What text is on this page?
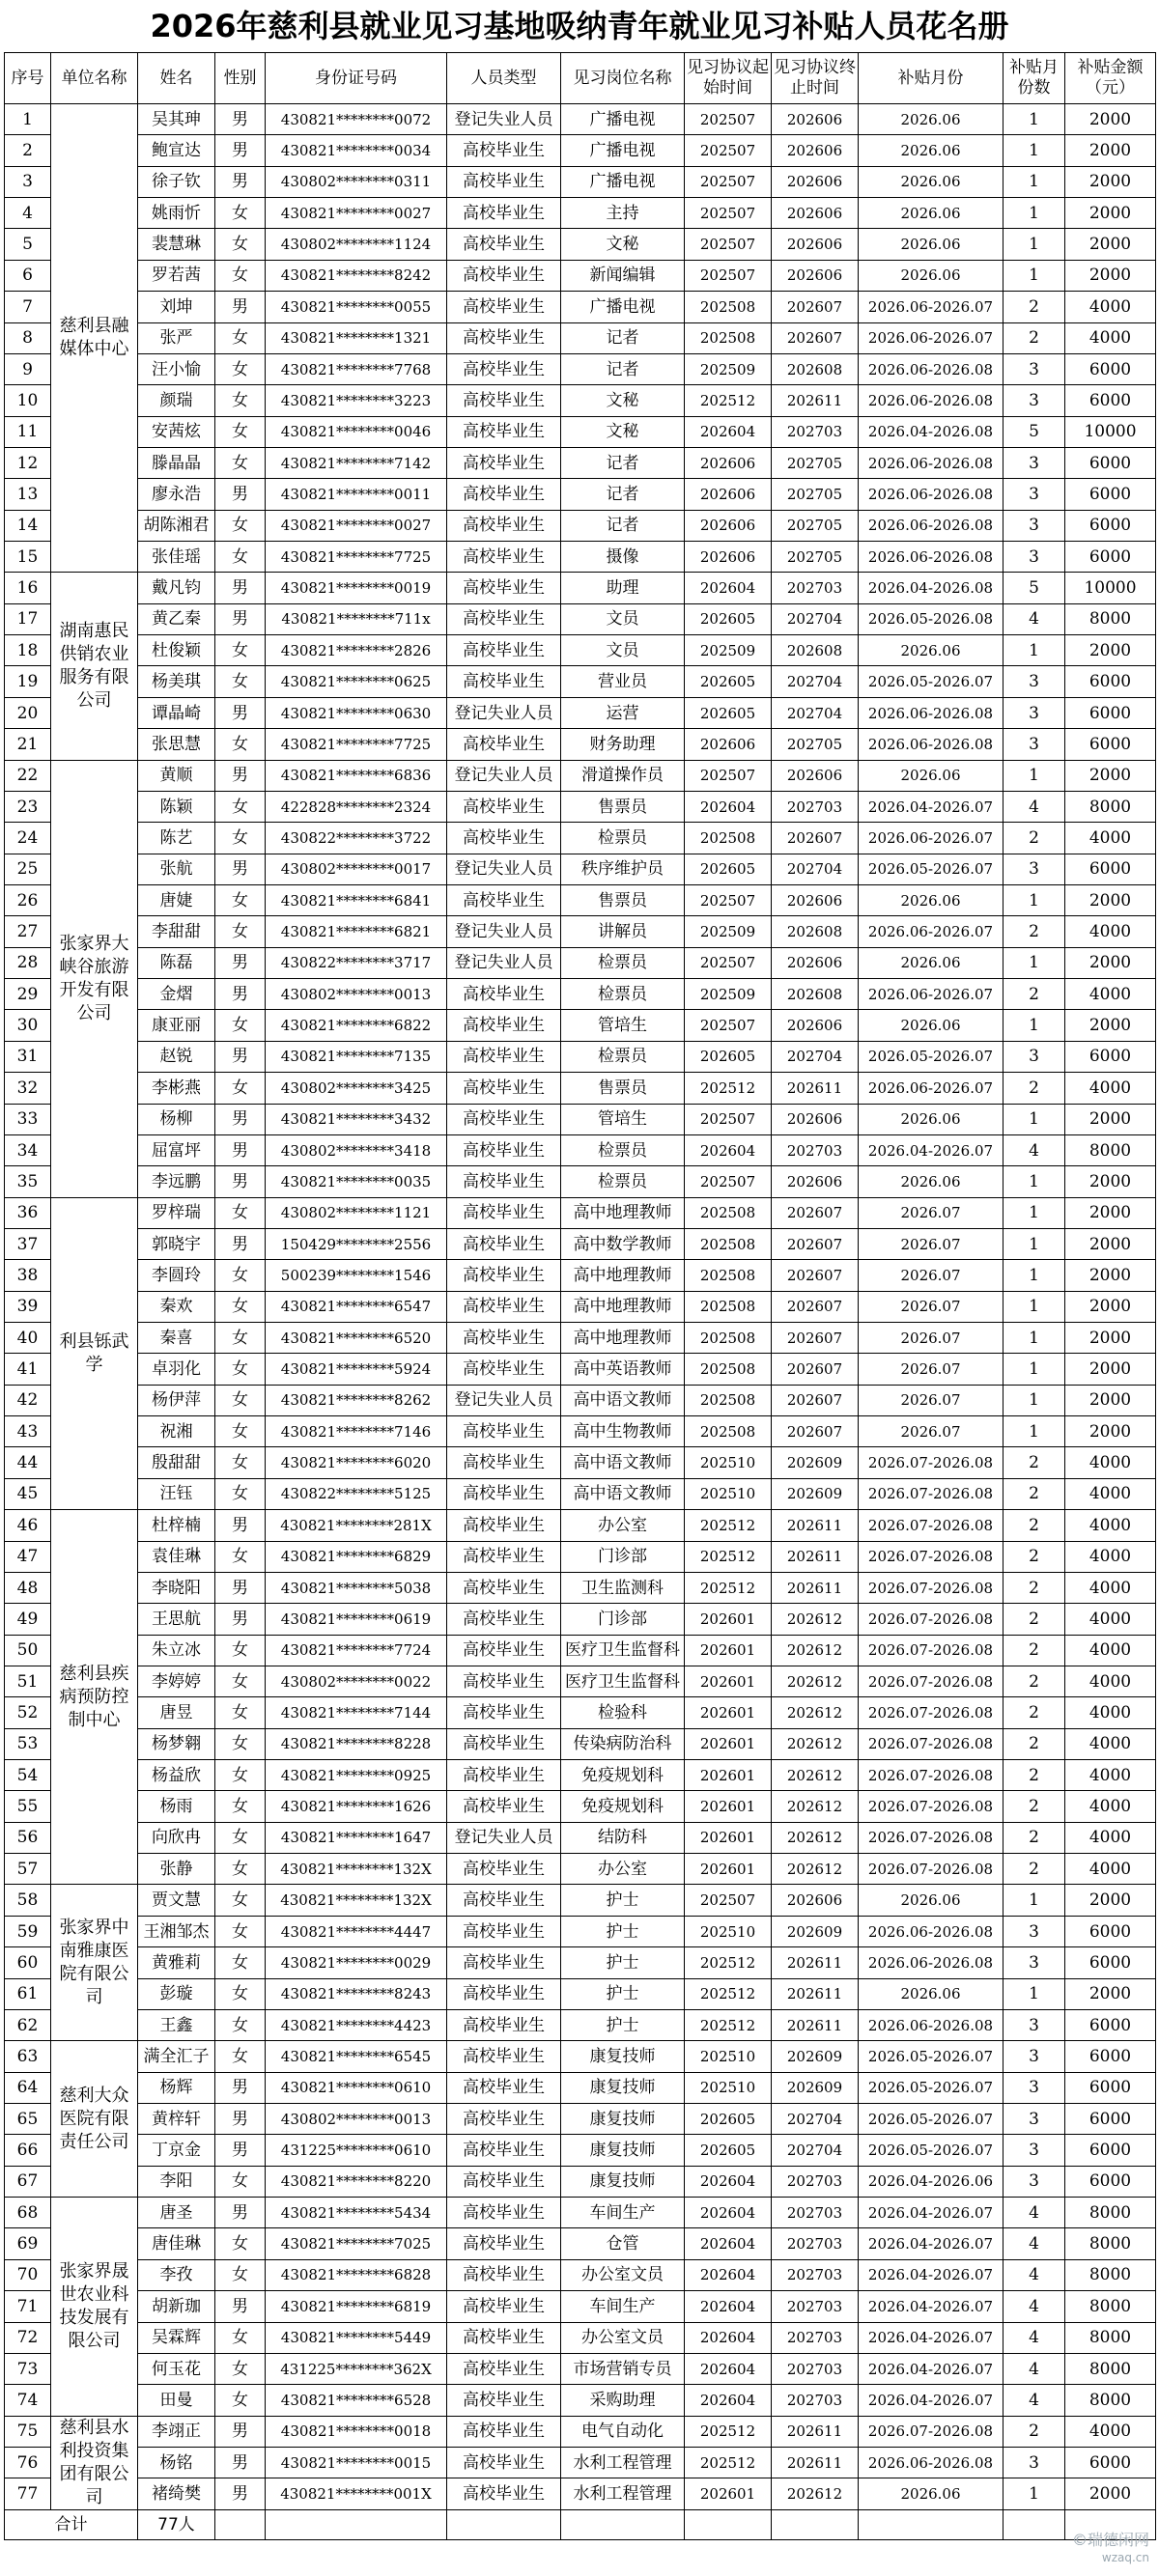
2026年慈利县就业见习基地吸纳青年就业见习补贴人员花名册
序号	单位名称	姓名	性别	身份证号码	人员类型	见习岗位名称	见习协议起始时间	见习协议终止时间	补贴月份	补贴月份数	补贴金额（元）
1	慈利县融媒体中心	吴其珅	男	430821********0072	登记失业人员	广播电视	202507	202606	2026.06	1	2000
2		鲍宣达	男	430821********0034	高校毕业生	广播电视	202507	202606	2026.06	1	2000
3		徐子钦	男	430802********0311	高校毕业生	广播电视	202507	202606	2026.06	1	2000
4		姚雨忻	女	430821********0027	高校毕业生	主持	202507	202606	2026.06	1	2000
5		裴慧琳	女	430802********1124	高校毕业生	文秘	202507	202606	2026.06	1	2000
6		罗若茜	女	430821********8242	高校毕业生	新闻编辑	202507	202606	2026.06	1	2000
7		刘坤	男	430821********0055	高校毕业生	广播电视	202508	202607	2026.06-2026.07	2	4000
8		张严	女	430821********1321	高校毕业生	记者	202508	202607	2026.06-2026.07	2	4000
9		汪小愉	女	430821********7768	高校毕业生	记者	202509	202608	2026.06-2026.08	3	6000
10		颜瑞	女	430821********3223	高校毕业生	文秘	202512	202611	2026.06-2026.08	3	6000
11		安茜炫	女	430821********0046	高校毕业生	文秘	202604	202703	2026.04-2026.08	5	10000
12		滕晶晶	女	430821********7142	高校毕业生	记者	202606	202705	2026.06-2026.08	3	6000
13		廖永浩	男	430821********0011	高校毕业生	记者	202606	202705	2026.06-2026.08	3	6000
14		胡陈湘君	女	430821********0027	高校毕业生	记者	202606	202705	2026.06-2026.08	3	6000
15		张佳瑶	女	430821********7725	高校毕业生	摄像	202606	202705	2026.06-2026.08	3	6000
16	湖南惠民供销农业服务有限公司	戴凡钧	男	430821********0019	高校毕业生	助理	202604	202703	2026.04-2026.08	5	10000
17		黄乙秦	男	430821********711x	高校毕业生	文员	202605	202704	2026.05-2026.08	4	8000
18		杜俊颖	女	430821********2826	高校毕业生	文员	202509	202608	2026.06	1	2000
19		杨美琪	女	430821********0625	高校毕业生	营业员	202605	202704	2026.05-2026.07	3	6000
20		谭晶崎	男	430821********0630	登记失业人员	运营	202605	202704	2026.06-2026.08	3	6000
21		张思慧	女	430821********7725	高校毕业生	财务助理	202606	202705	2026.06-2026.08	3	6000
22	张家界大峡谷旅游开发有限公司	黄顺	男	430821********6836	登记失业人员	滑道操作员	202507	202606	2026.06	1	2000
23		陈颖	女	422828********2324	高校毕业生	售票员	202604	202703	2026.04-2026.07	4	8000
24		陈艺	女	430822********3722	高校毕业生	检票员	202508	202607	2026.06-2026.07	2	4000
25		张航	男	430802********0017	登记失业人员	秩序维护员	202605	202704	2026.05-2026.07	3	6000
26		唐婕	女	430821********6841	高校毕业生	售票员	202507	202606	2026.06	1	2000
27		李甜甜	女	430821********6821	登记失业人员	讲解员	202509	202608	2026.06-2026.07	2	4000
28		陈磊	男	430822********3717	登记失业人员	检票员	202507	202606	2026.06	1	2000
29		金熠	男	430802********0013	高校毕业生	检票员	202509	202608	2026.06-2026.07	2	4000
30		康亚丽	女	430821********6822	高校毕业生	管培生	202507	202606	2026.06	1	2000
31		赵锐	男	430821********7135	高校毕业生	检票员	202605	202704	2026.05-2026.07	3	6000
32		李彬燕	女	430802********3425	高校毕业生	售票员	202512	202611	2026.06-2026.07	2	4000
33		杨柳	男	430821********3432	高校毕业生	管培生	202507	202606	2026.06	1	2000
34		屈富坪	男	430802********3418	高校毕业生	检票员	202604	202703	2026.04-2026.07	4	8000
35		李远鹏	男	430821********0035	高校毕业生	检票员	202507	202606	2026.06	1	2000
36	利县铄武学	罗梓瑞	女	430802********1121	高校毕业生	高中地理教师	202508	202607	2026.07	1	2000
37		郭晓宇	男	150429********2556	高校毕业生	高中数学教师	202508	202607	2026.07	1	2000
38		李圆玲	女	500239********1546	高校毕业生	高中地理教师	202508	202607	2026.07	1	2000
39		秦欢	女	430821********6547	高校毕业生	高中地理教师	202508	202607	2026.07	1	2000
40		秦喜	女	430821********6520	高校毕业生	高中地理教师	202508	202607	2026.07	1	2000
41		卓羽化	女	430821********5924	高校毕业生	高中英语教师	202508	202607	2026.07	1	2000
42		杨伊萍	女	430821********8262	登记失业人员	高中语文教师	202508	202607	2026.07	1	2000
43		祝湘	女	430821********7146	高校毕业生	高中生物教师	202508	202607	2026.07	1	2000
44		殷甜甜	女	430821********6020	高校毕业生	高中语文教师	202510	202609	2026.07-2026.08	2	4000
45		汪钰	女	430822********5125	高校毕业生	高中语文教师	202510	202609	2026.07-2026.08	2	4000
46	慈利县疾病预防控制中心	杜梓楠	男	430821********281X	高校毕业生	办公室	202512	202611	2026.07-2026.08	2	4000
47		袁佳琳	女	430821********6829	高校毕业生	门诊部	202512	202611	2026.07-2026.08	2	4000
48		李晓阳	男	430821********5038	高校毕业生	卫生监测科	202512	202611	2026.07-2026.08	2	4000
49		王思航	男	430821********0619	高校毕业生	门诊部	202601	202612	2026.07-2026.08	2	4000
50		朱立冰	女	430821********7724	高校毕业生	医疗卫生监督科	202601	202612	2026.07-2026.08	2	4000
51		李婷婷	女	430802********0022	高校毕业生	医疗卫生监督科	202601	202612	2026.07-2026.08	2	4000
52		唐昱	女	430821********7144	高校毕业生	检验科	202601	202612	2026.07-2026.08	2	4000
53		杨梦翱	女	430821********8228	高校毕业生	传染病防治科	202601	202612	2026.07-2026.08	2	4000
54		杨益欣	女	430821********0925	高校毕业生	免疫规划科	202601	202612	2026.07-2026.08	2	4000
55		杨雨	女	430821********1626	高校毕业生	免疫规划科	202601	202612	2026.07-2026.08	2	4000
56		向欣冉	女	430821********1647	登记失业人员	结防科	202601	202612	2026.07-2026.08	2	4000
57		张静	女	430821********132X	高校毕业生	办公室	202601	202612	2026.07-2026.08	2	4000
58	张家界中南雅康医院有限公司	贾文慧	女	430821********132X	高校毕业生	护士	202507	202606	2026.06	1	2000
59		王湘邹杰	女	430821********4447	高校毕业生	护士	202510	202609	2026.06-2026.08	3	6000
60		黄雅莉	女	430821********0029	高校毕业生	护士	202512	202611	2026.06-2026.08	3	6000
61		彭璇	女	430821********8243	高校毕业生	护士	202512	202611	2026.06	1	2000
62		王鑫	女	430821********4423	高校毕业生	护士	202512	202611	2026.06-2026.08	3	6000
63	慈利大众医院有限责任公司	满全汇子	女	430821********6545	高校毕业生	康复技师	202510	202609	2026.05-2026.07	3	6000
64		杨辉	男	430821********0610	高校毕业生	康复技师	202510	202609	2026.05-2026.07	3	6000
65		黄梓轩	男	430802********0013	高校毕业生	康复技师	202605	202704	2026.05-2026.07	3	6000
66		丁京金	男	431225********0610	高校毕业生	康复技师	202605	202704	2026.05-2026.07	3	6000
67		李阳	女	430821********8220	高校毕业生	康复技师	202604	202703	2026.04-2026.06	3	6000
68	张家界晟世农业科技发展有限公司	唐圣	男	430821********5434	高校毕业生	车间生产	202604	202703	2026.04-2026.07	4	8000
69		唐佳琳	女	430821********7025	高校毕业生	仓管	202604	202703	2026.04-2026.07	4	8000
70		李孜	女	430821********6828	高校毕业生	办公室文员	202604	202703	2026.04-2026.07	4	8000
71		胡新珈	男	430821********6819	高校毕业生	车间生产	202604	202703	2026.04-2026.07	4	8000
72		吴霖辉	女	430821********5449	高校毕业生	办公室文员	202604	202703	2026.04-2026.07	4	8000
73		何玉花	女	431225********362X	高校毕业生	市场营销专员	202604	202703	2026.04-2026.07	4	8000
74		田曼	女	430821********6528	高校毕业生	采购助理	202604	202703	2026.04-2026.07	4	8000
75	慈利县水利投资集团有限公司	李翊正	男	430821********0018	高校毕业生	电气自动化	202512	202611	2026.07-2026.08	2	4000
76		杨铭	男	430821********0015	高校毕业生	水利工程管理	202512	202611	2026.06-2026.08	3	6000
77		褚绮樊	男	430821********001X	高校毕业生	水利工程管理	202601	202612	2026.06	1	2000
合计		77人									
©瑞德闲网
wzaq.cn
